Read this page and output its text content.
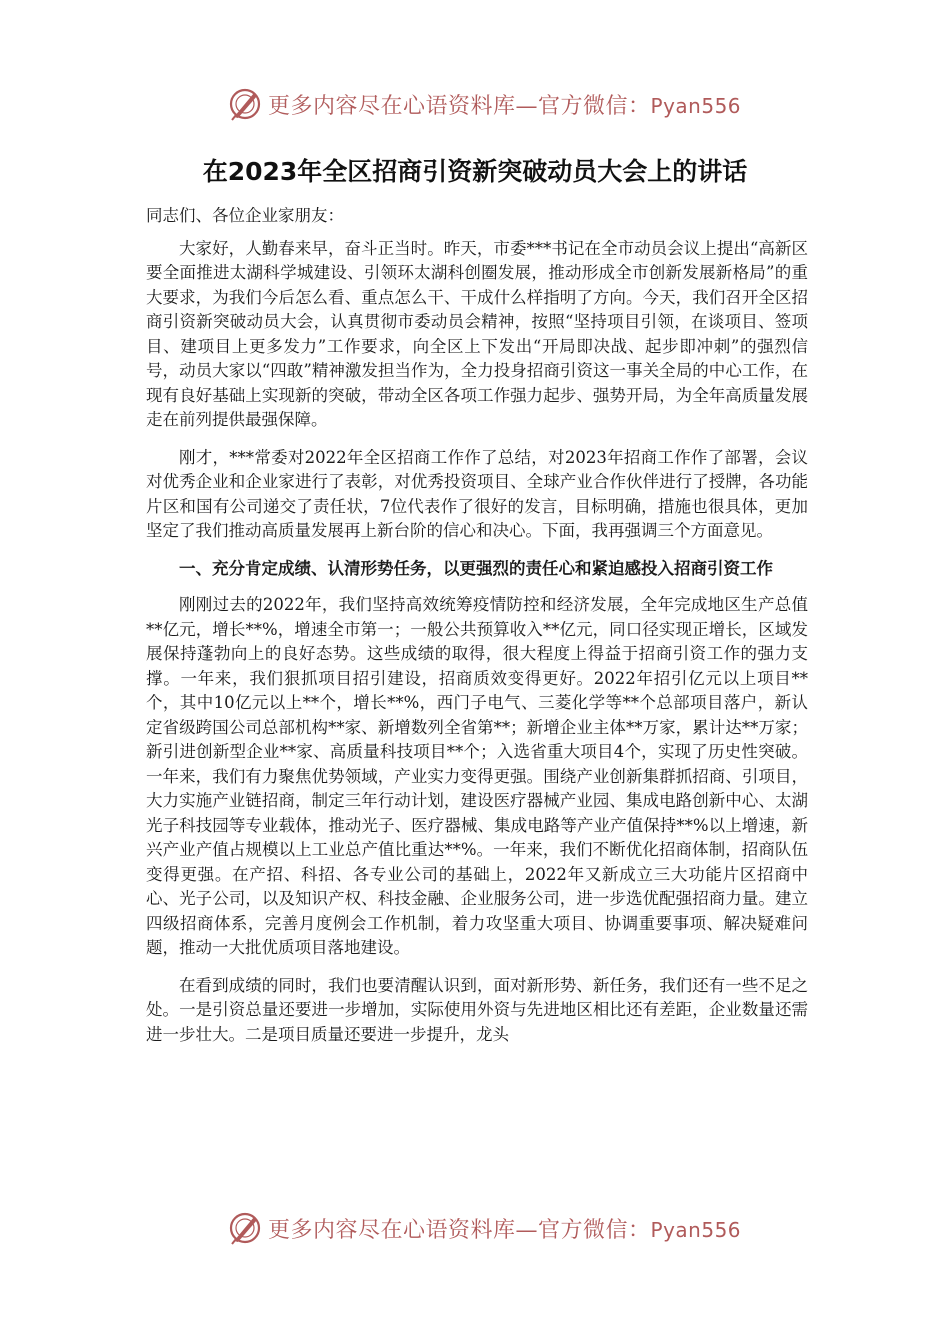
更多内容尽在心语资料库—官方微信：Pyan556
在2023年全区招商引资新突破动员大会上的讲话

同志们、各位企业家朋友：

大家好，人勤春来早，奋斗正当时。昨天，市委***书记在全市动员会议上提出“高新区要全面推进太湖科学城建设、引领环太湖科创圈发展，推动形成全市创新发展新格局”的重大要求，为我们今后怎么看、重点怎么干、干成什么样指明了方向。今天，我们召开全区招商引资新突破动员大会，认真贯彻市委动员会精神，按照“坚持项目引领，在谈项目、签项目、建项目上更多发力”工作要求，向全区上下发出“开局即决战、起步即冲刺”的强烈信号，动员大家以“四敢”精神激发担当作为，全力投身招商引资这一事关全局的中心工作，在现有良好基础上实现新的突破，带动全区各项工作强力起步、强势开局，为全年高质量发展走在前列提供最强保障。

刚才，***常委对2022年全区招商工作作了总结，对2023年招商工作作了部署，会议对优秀企业和企业家进行了表彰，对优秀投资项目、全球产业合作伙伴进行了授牌，各功能片区和国有公司递交了责任状，7位代表作了很好的发言，目标明确，措施也很具体，更加坚定了我们推动高质量发展再上新台阶的信心和决心。下面，我再强调三个方面意见。

一、充分肯定成绩、认清形势任务，以更强烈的责任心和紧迫感投入招商引资工作

刚刚过去的2022年，我们坚持高效统筹疫情防控和经济发展，全年完成地区生产总值**亿元，增长**%，增速全市第一；一般公共预算收入**亿元，同口径实现正增长，区域发展保持蓬勃向上的良好态势。这些成绩的取得，很大程度上得益于招商引资工作的强力支撑。一年来，我们狠抓项目招引建设，招商质效变得更好。2022年招引亿元以上项目**个，其中10亿元以上**个，增长**%，西门子电气、三菱化学等**个总部项目落户，新认定省级跨国公司总部机构**家、新增数列全省第**；新增企业主体**万家，累计达**万家；新引进创新型企业**家、高质量科技项目**个；入选省重大项目4个，实现了历史性突破。一年来，我们有力聚焦优势领域，产业实力变得更强。围绕产业创新集群抓招商、引项目，大力实施产业链招商，制定三年行动计划，建设医疗器械产业园、集成电路创新中心、太湖光子科技园等专业载体，推动光子、医疗器械、集成电路等产业产值保持**%以上增速，新兴产业产值占规模以上工业总产值比重达**%。一年来，我们不断优化招商体制，招商队伍变得更强。在产招、科招、各专业公司的基础上，2022年又新成立三大功能片区招商中心、光子公司，以及知识产权、科技金融、企业服务公司，进一步选优配强招商力量。建立四级招商体系，完善月度例会工作机制，着力攻坚重大项目、协调重要事项、解决疑难问题，推动一大批优质项目落地建设。

在看到成绩的同时，我们也要清醒认识到，面对新形势、新任务，我们还有一些不足之处。一是引资总量还要进一步增加，实际使用外资与先进地区相比还有差距，企业数量还需进一步壮大。二是项目质量还要进一步提升，龙头

更多内容尽在心语资料库—官方微信：Pyan556
